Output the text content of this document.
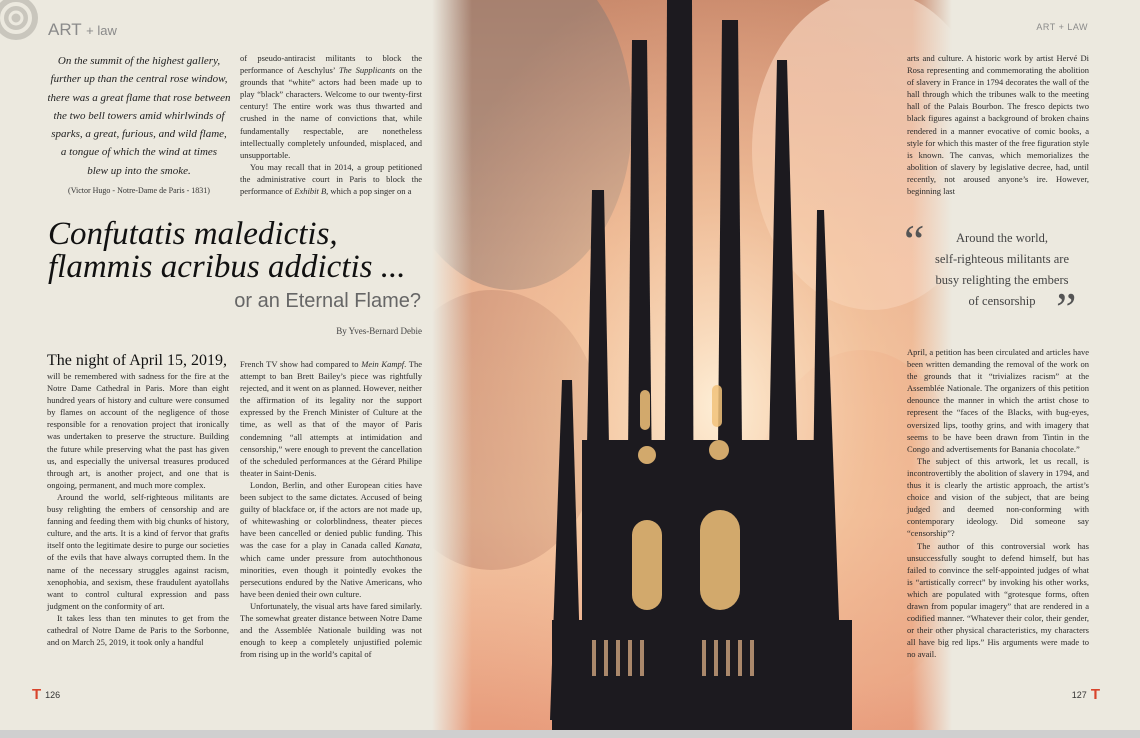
ART + law	ART + LAW
On the summit of the highest gallery,
further up than the central rose window,
there was a great flame that rose between
the two bell towers amid whirlwinds of
sparks, a great, furious, and wild flame,
a tongue of which the wind at times
blew up into the smoke.
(Victor Hugo - Notre-Dame de Paris - 1831)

of pseudo-antiracist militants to block the performance of Aeschylus’ The Supplicants on the grounds that “white” actors had been made up to play “black” characters. Welcome to our twenty-first century! The entire work was thus thwarted and crushed in the name of convictions that, while fundamentally respectable, are nonetheless intellectually completely unfounded, misplaced, and unsupportable.

You may recall that in 2014, a group petitioned the administrative court in Paris to block the performance of Exhibit B, which a pop singer on a

Confutatis maledictis,
flammis acribus addictis ...
or an Eternal Flame?
By Yves-Bernard Debie

The night of April 15, 2019,

will be remembered with sadness for the fire at the Notre Dame Cathedral in Paris. More than eight hundred years of history and culture were consumed by flames on account of the negligence of those responsible for a renovation project that ironically was undertaken to preserve the structure. Building the future while preserving what the past has given us, and especially the universal treasures produced through art, is another project, and one that is ongoing, permanent, and much more complex.

Around the world, self-righteous militants are busy relighting the embers of censorship and are fanning and feeding them with big chunks of history, culture, and the arts. It is a kind of fervor that grafts itself onto the legitimate desire to purge our societies of the evils that have always corrupted them. In the name of the necessary struggles against racism, xenophobia, and sexism, these fraudulent ayatollahs want to control cultural expression and pass judgment on the conformity of art.

It takes less than ten minutes to get from the cathedral of Notre Dame de Paris to the Sorbonne, and on March 25, 2019, it took only a handful

French TV show had compared to Mein Kampf. The attempt to ban Brett Bailey’s piece was rightfully rejected, and it went on as planned. However, neither the affirmation of its legality nor the support expressed by the French Minister of Culture at the time, as well as that of the mayor of Paris condemning “all attempts at intimidation and censorship,” were enough to prevent the cancellation of the scheduled performances at the Gérard Philipe theater in Saint-Denis.

London, Berlin, and other European cities have been subject to the same dictates. Accused of being guilty of blackface or, if the actors are not made up, of whitewashing or colorblindness, theater pieces have been cancelled or denied public funding. This was the case for a play in Canada called Kanata, which came under pressure from autochthonous minorities, even though it pointedly evokes the persecutions endured by the Native Americans, who have been denied their own culture.

Unfortunately, the visual arts have fared similarly. The somewhat greater distance between Notre Dame and the Assemblée Nationale building was not enough to keep a completely unjustified polemic from rising up in the world’s capital of

arts and culture. A historic work by artist Hervé Di Rosa representing and commemorating the abolition of slavery in France in 1794 decorates the wall of the hall through which the tribunes walk to the meeting hall of the Palais Bourbon. The fresco depicts two black figures against a background of broken chains rendered in a manner evocative of comic books, a style for which this master of the free figuration style is known. The canvas, which memorializes the abolition of slavery by legislative decree, had, until recently, not aroused anyone’s ire. However, beginning last

“	Around the world,
self-righteous militants are
busy relighting the embers
of censorship ”

April, a petition has been circulated and articles have been written demanding the removal of the work on the grounds that it “trivializes racism” at the Assemblée Nationale. The organizers of this petition denounce the manner in which the artist chose to represent the “faces of the Blacks, with bug-eyes, oversized lips, toothy grins, and with imagery that seems to be have been drawn from Tintin in the Congo and advertisements for Banania chocolate.”

The subject of this artwork, let us recall, is incontrovertibly the abolition of slavery in 1794, and thus it is clearly the artistic approach, the artist’s choice and vision of the subject, that are being judged and deemed non-conforming with contemporary ideology. Did someone say “censorship”?

The author of this controversial work has unsuccessfully sought to defend himself, but has failed to convince the self-appointed judges of what is “artistically correct” by invoking his other works, which are populated with “grotesque forms, often drawn from popular imagery” that are rendered in a codified manner. “Whatever their color, their gender, or their other physical characteristics, my characters all have big red lips.” His arguments were made to no avail.

T 126	127 T
